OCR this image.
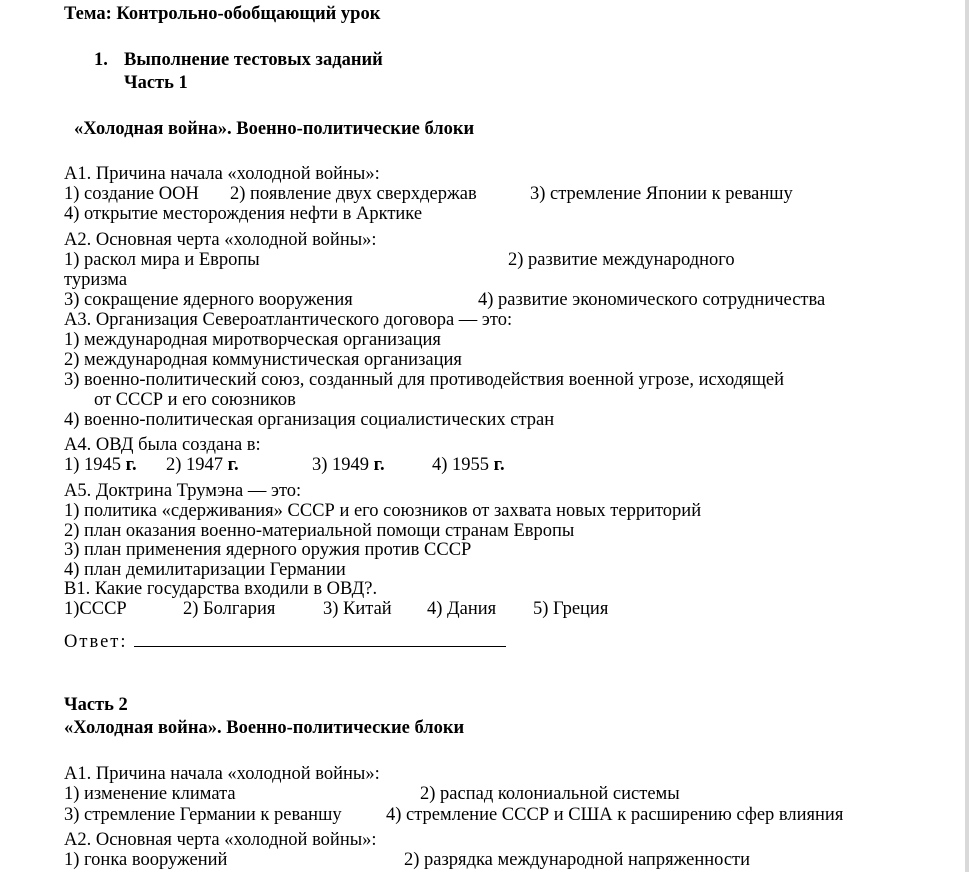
Тема: Контрольно-обобщающий урок
1. Выполнение тестовых заданий
Часть 1
«Холодная война». Военно-политические блоки
А1. Причина начала «холодной войны»:
1) создание ООН 2) появление двух сверхдержав	3) стремление Японии к реваншу
4) открытие месторождения нефти в Арктике
А2. Основная черта «холодной войны»:
1) раскол мира и Европы	2) развитие международного
туризма
3) сокращение ядерного вооружения	4) развитие экономического сотрудничества
А3. Организация Североатлантического договора — это:
1) международная миротворческая организация
2) международная коммунистическая организация
3) военно-политический союз, созданный для противодействия военной угрозе, исходящей
от СССР и его союзников
4) военно-политическая организация социалистических стран
А4. ОВД была создана в:
1) 1945 г. 2) 1947 г.	3) 1949 г.	4) 1955 г.
А5. Доктрина Трумэна — это:
1) политика «сдерживания» СССР и его союзников от захвата новых территорий
2) план оказания военно-материальной помощи странам Европы
3) план применения ядерного оружия против СССР
4) план демилитаризации Германии
В1. Какие государства входили в ОВД?.
1)СССР	2) Болгария	3) Китай 4) Дания 5) Греция
Ответ:
Часть 2
«Холодная война». Военно-политические блоки
А1. Причина начала «холодной войны»:
1) изменение климата	2) распад колониальной системы
3) стремление Германии к реваншу 4) стремление СССР и США к расширению сфер влияния
А2. Основная черта «холодной войны»:
1) гонка вооружений	2) разрядка международной напряженности
